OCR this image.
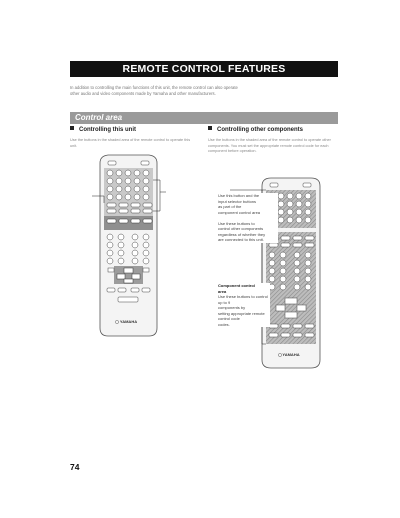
REMOTE CONTROL FEATURES
In addition to controlling the main functions of this unit, the remote control can also operate
other audio and video components made by Yamaha and other manufacturers.
Control area
Controlling this unit	Controlling other components
Use the buttons in the shaded area of the remote control to operate this unit.
Use the buttons in the shaded area of the remote control to operate other components. You must set the appropriate remote control code for each component before operation.
YAMAHA
YAMAHA
Use this button and the
input selector buttons
as part of the
component control area

Use these buttons to
control other components
regardless of whether they
are connected to this unit.
Component control
area
Use these buttons to control up to 9
components by
setting appropriate remote
control code
codes.
74
